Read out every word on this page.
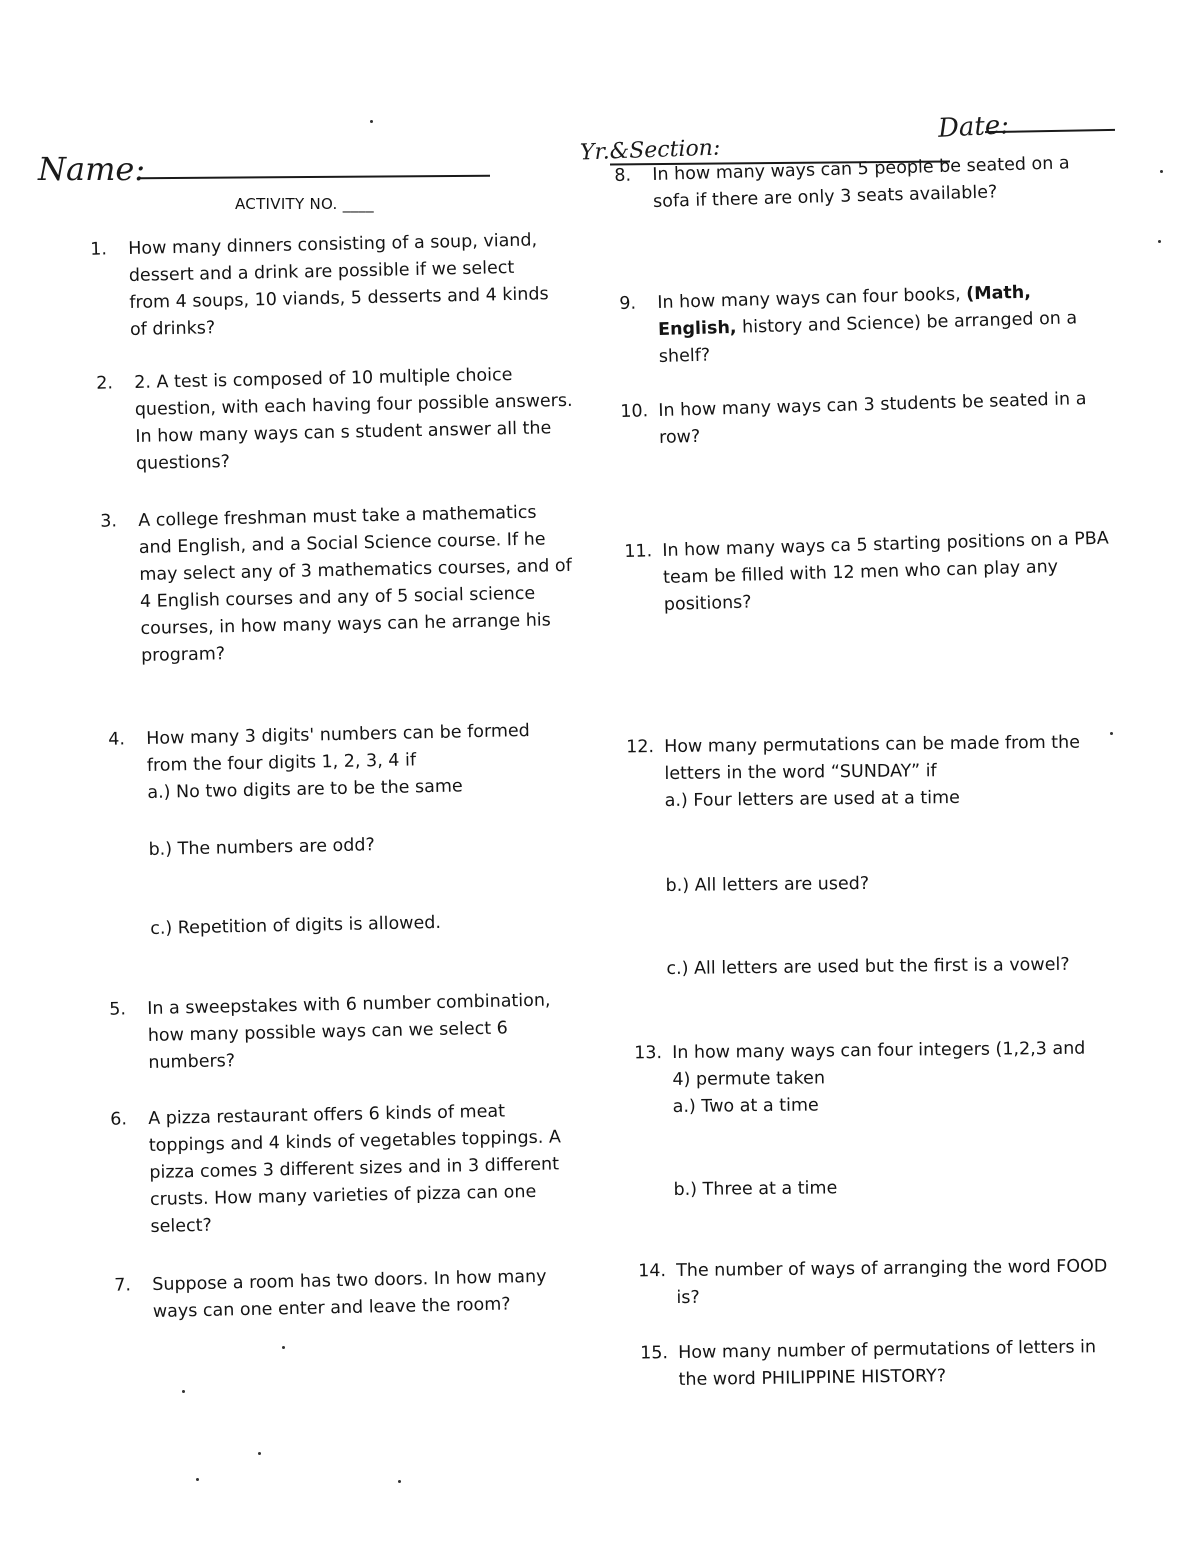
Name:	Yr.&Section:
Date:
ACTIVITY NO. ____
1. How many dinners consisting of a soup, viand, dessert and a drink are possible if we select from 4 soups, 10 viands, 5 desserts and 4 kinds of drinks?
2. 2. A test is composed of 10 multiple choice question, with each having four possible answers. In how many ways can s student answer all the questions?
3. A college freshman must take a mathematics and English, and a Social Science course. If he may select any of 3 mathematics courses, and of 4 English courses and any of 5 social science courses, in how many ways can he arrange his program?
4. How many 3 digits' numbers can be formed from the four digits 1, 2, 3, 4 if
a.) No two digits are to be the same
b.) The numbers are odd?
c.) Repetition of digits is allowed.
5. In a sweepstakes with 6 number combination, how many possible ways can we select 6 numbers?
6. A pizza restaurant offers 6 kinds of meat toppings and 4 kinds of vegetables toppings. A pizza comes 3 different sizes and in 3 different crusts. How many varieties of pizza can one select?
7. Suppose a room has two doors. In how many ways can one enter and leave the room?
8. In how many ways can 5 people be seated on a sofa if there are only 3 seats available?
9. In how many ways can four books, (Math, English, history and Science) be arranged on a shelf?
10. In how many ways can 3 students be seated in a row?
11. In how many ways ca 5 starting positions on a PBA team be filled with 12 men who can play any positions?
12. How many permutations can be made from the letters in the word “SUNDAY” if
a.) Four letters are used at a time
b.) All letters are used?
c.) All letters are used but the first is a vowel?
13. In how many ways can four integers (1,2,3 and 4) permute taken
a.) Two at a time
b.) Three at a time
14. The number of ways of arranging the word FOOD is?
15. How many number of permutations of letters in the word PHILIPPINE HISTORY?
